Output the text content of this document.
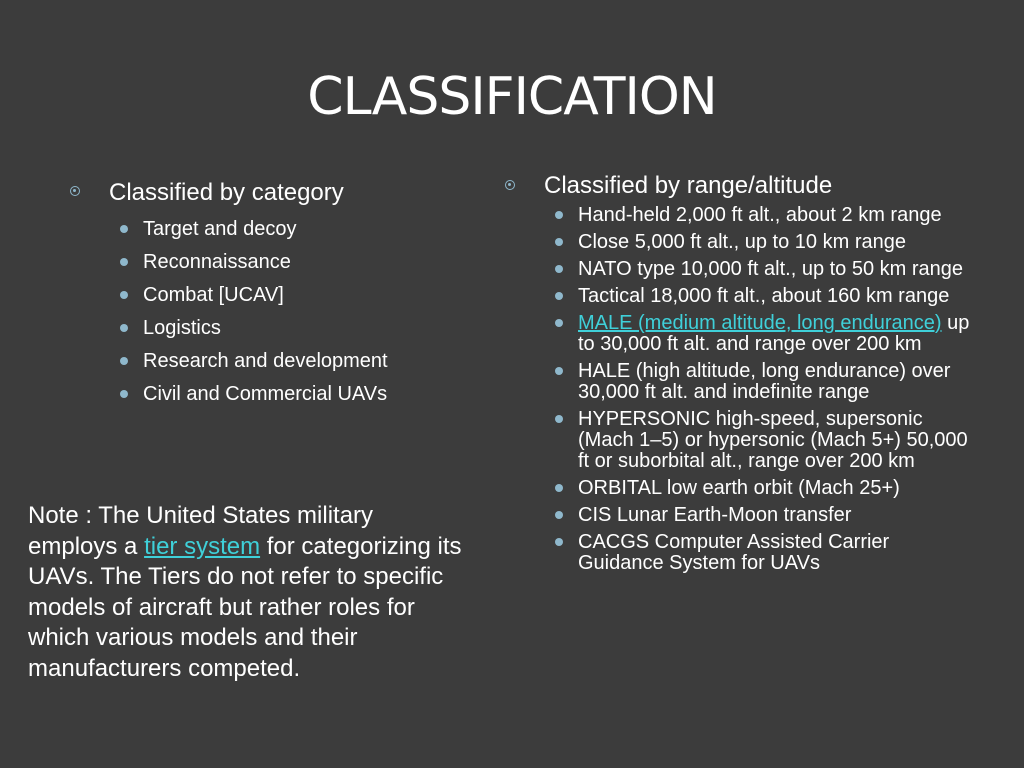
CLASSIFICATION
Classified by category
Target and decoy
Reconnaissance
Combat [UCAV]
Logistics
Research and development
Civil and Commercial UAVs
Classified by range/altitude
Hand-held 2,000 ft alt., about 2 km range
Close 5,000 ft alt., up to 10 km range
NATO type 10,000 ft alt., up to 50 km range
Tactical 18,000 ft alt., about 160 km range
MALE (medium altitude, long endurance) up to 30,000 ft alt. and range over 200 km
HALE (high altitude, long endurance) over 30,000 ft alt. and indefinite range
HYPERSONIC high-speed, supersonic (Mach 1–5) or hypersonic (Mach 5+) 50,000 ft or suborbital alt., range over 200 km
ORBITAL low earth orbit (Mach 25+)
CIS Lunar Earth-Moon transfer
CACGS Computer Assisted Carrier Guidance System for UAVs
Note : The United States military employs a tier system for categorizing its UAVs. The Tiers do not refer to specific models of aircraft but rather roles for which various models and their manufacturers competed.
